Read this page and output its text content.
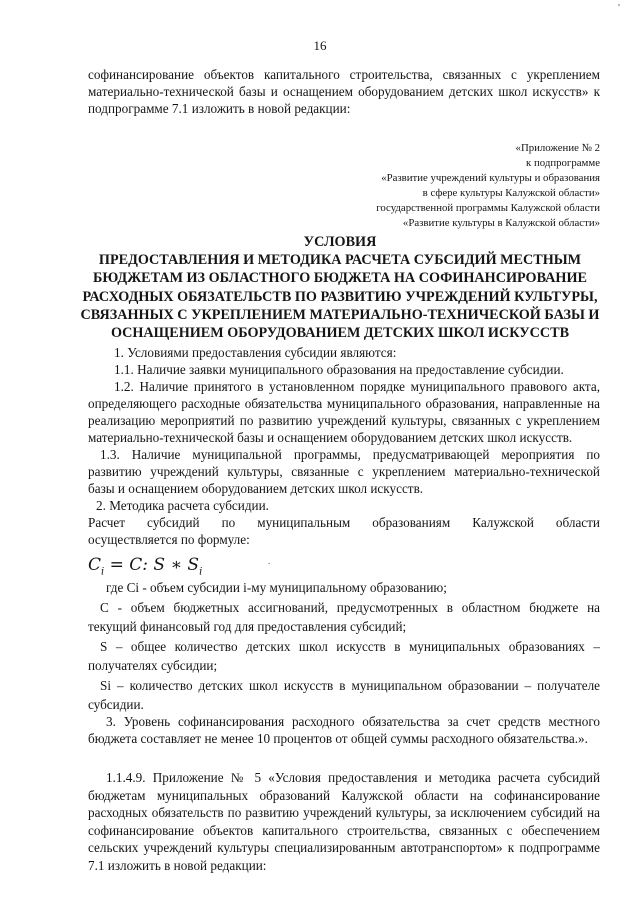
'
16
софинансирование объектов капитального строительства, связанных с укреплением
материально-технической базы и оснащением оборудованием детских школ искусств» к
подпрограмме 7.1 изложить в новой редакции:
«Приложение № 2
к подпрограмме
«Развитие учреждений культуры и образования
в сфере культуры Калужской области»
государственной программы Калужской области
«Развитие культуры в Калужской области»
УСЛОВИЯ
ПРЕДОСТАВЛЕНИЯ И МЕТОДИКА РАСЧЕТА СУБСИДИЙ МЕСТНЫМ
БЮДЖЕТАМ ИЗ ОБЛАСТНОГО БЮДЖЕТА НА СОФИНАНСИРОВАНИЕ
РАСХОДНЫХ ОБЯЗАТЕЛЬСТВ ПО РАЗВИТИЮ УЧРЕЖДЕНИЙ КУЛЬТУРЫ,
СВЯЗАННЫХ С УКРЕПЛЕНИЕМ МАТЕРИАЛЬНО-ТЕХНИЧЕСКОЙ БАЗЫ И
ОСНАЩЕНИЕМ ОБОРУДОВАНИЕМ ДЕТСКИХ ШКОЛ ИСКУССТВ
1. Условиями предоставления субсидии являются:
1.1. Наличие заявки муниципального образования на предоставление субсидии.
1.2. Наличие принятого в установленном порядке муниципального правового акта,
определяющего расходные обязательства муниципального образования, направленные на
реализацию мероприятий по развитию учреждений культуры, связанных с укреплением
материально-технической базы и оснащением оборудованием детских школ искусств.
1.3. Наличие муниципальной программы, предусматривающей мероприятия по
развитию учреждений культуры, связанные с укреплением материально-технической
базы и оснащением оборудованием детских школ искусств.
2. Методика расчета субсидии.
Расчет субсидий по муниципальным образованиям Калужской области
осуществляется по формуле:
$C_i = C$: S ∗ $S_i$
.
где Ci - объем субсидии i-му муниципальному образованию;
С - объем бюджетных ассигнований, предусмотренных в областном бюджете на
текущий финансовый год для предоставления субсидий;
S – общее количество детских школ искусств в муниципальных образованиях –
получателях субсидии;
Si – количество детских школ искусств в муниципальном образовании – получателе
субсидии.
3. Уровень софинансирования расходного обязательства за счет средств местного
бюджета составляет не менее 10 процентов от общей суммы расходного обязательства.».
1.1.4.9. Приложение № 5 «Условия предоставления и методика расчета субсидий
бюджетам муниципальных образований Калужской области на софинансирование
расходных обязательств по развитию учреждений культуры, за исключением субсидий на
софинансирование объектов капитального строительства, связанных с обеспечением
сельских учреждений культуры специализированным автотранспортом» к подпрограмме
7.1 изложить в новой редакции:
